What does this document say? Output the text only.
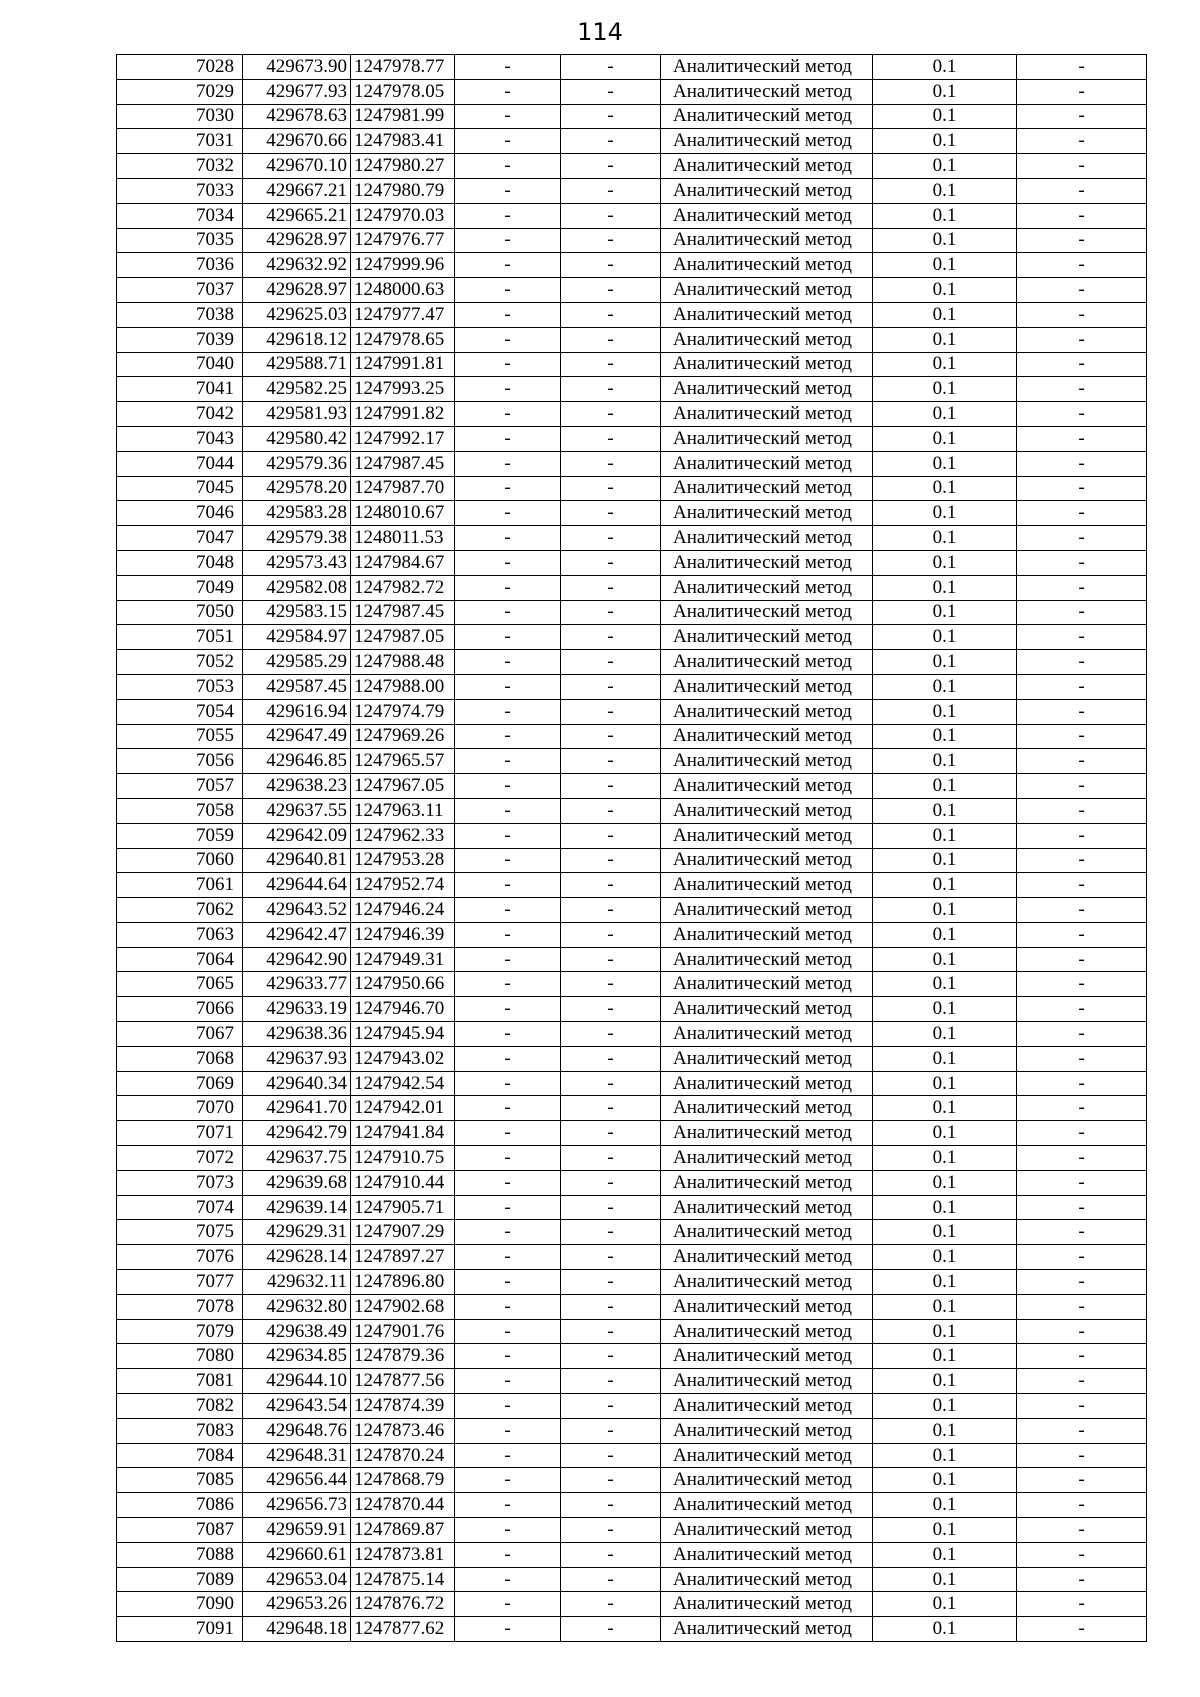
114
7028	429673.90	1247978.77	-	-	Аналитический метод	0.1	-
7029	429677.93	1247978.05	-	-	Аналитический метод	0.1	-
7030	429678.63	1247981.99	-	-	Аналитический метод	0.1	-
7031	429670.66	1247983.41	-	-	Аналитический метод	0.1	-
7032	429670.10	1247980.27	-	-	Аналитический метод	0.1	-
7033	429667.21	1247980.79	-	-	Аналитический метод	0.1	-
7034	429665.21	1247970.03	-	-	Аналитический метод	0.1	-
7035	429628.97	1247976.77	-	-	Аналитический метод	0.1	-
7036	429632.92	1247999.96	-	-	Аналитический метод	0.1	-
7037	429628.97	1248000.63	-	-	Аналитический метод	0.1	-
7038	429625.03	1247977.47	-	-	Аналитический метод	0.1	-
7039	429618.12	1247978.65	-	-	Аналитический метод	0.1	-
7040	429588.71	1247991.81	-	-	Аналитический метод	0.1	-
7041	429582.25	1247993.25	-	-	Аналитический метод	0.1	-
7042	429581.93	1247991.82	-	-	Аналитический метод	0.1	-
7043	429580.42	1247992.17	-	-	Аналитический метод	0.1	-
7044	429579.36	1247987.45	-	-	Аналитический метод	0.1	-
7045	429578.20	1247987.70	-	-	Аналитический метод	0.1	-
7046	429583.28	1248010.67	-	-	Аналитический метод	0.1	-
7047	429579.38	1248011.53	-	-	Аналитический метод	0.1	-
7048	429573.43	1247984.67	-	-	Аналитический метод	0.1	-
7049	429582.08	1247982.72	-	-	Аналитический метод	0.1	-
7050	429583.15	1247987.45	-	-	Аналитический метод	0.1	-
7051	429584.97	1247987.05	-	-	Аналитический метод	0.1	-
7052	429585.29	1247988.48	-	-	Аналитический метод	0.1	-
7053	429587.45	1247988.00	-	-	Аналитический метод	0.1	-
7054	429616.94	1247974.79	-	-	Аналитический метод	0.1	-
7055	429647.49	1247969.26	-	-	Аналитический метод	0.1	-
7056	429646.85	1247965.57	-	-	Аналитический метод	0.1	-
7057	429638.23	1247967.05	-	-	Аналитический метод	0.1	-
7058	429637.55	1247963.11	-	-	Аналитический метод	0.1	-
7059	429642.09	1247962.33	-	-	Аналитический метод	0.1	-
7060	429640.81	1247953.28	-	-	Аналитический метод	0.1	-
7061	429644.64	1247952.74	-	-	Аналитический метод	0.1	-
7062	429643.52	1247946.24	-	-	Аналитический метод	0.1	-
7063	429642.47	1247946.39	-	-	Аналитический метод	0.1	-
7064	429642.90	1247949.31	-	-	Аналитический метод	0.1	-
7065	429633.77	1247950.66	-	-	Аналитический метод	0.1	-
7066	429633.19	1247946.70	-	-	Аналитический метод	0.1	-
7067	429638.36	1247945.94	-	-	Аналитический метод	0.1	-
7068	429637.93	1247943.02	-	-	Аналитический метод	0.1	-
7069	429640.34	1247942.54	-	-	Аналитический метод	0.1	-
7070	429641.70	1247942.01	-	-	Аналитический метод	0.1	-
7071	429642.79	1247941.84	-	-	Аналитический метод	0.1	-
7072	429637.75	1247910.75	-	-	Аналитический метод	0.1	-
7073	429639.68	1247910.44	-	-	Аналитический метод	0.1	-
7074	429639.14	1247905.71	-	-	Аналитический метод	0.1	-
7075	429629.31	1247907.29	-	-	Аналитический метод	0.1	-
7076	429628.14	1247897.27	-	-	Аналитический метод	0.1	-
7077	429632.11	1247896.80	-	-	Аналитический метод	0.1	-
7078	429632.80	1247902.68	-	-	Аналитический метод	0.1	-
7079	429638.49	1247901.76	-	-	Аналитический метод	0.1	-
7080	429634.85	1247879.36	-	-	Аналитический метод	0.1	-
7081	429644.10	1247877.56	-	-	Аналитический метод	0.1	-
7082	429643.54	1247874.39	-	-	Аналитический метод	0.1	-
7083	429648.76	1247873.46	-	-	Аналитический метод	0.1	-
7084	429648.31	1247870.24	-	-	Аналитический метод	0.1	-
7085	429656.44	1247868.79	-	-	Аналитический метод	0.1	-
7086	429656.73	1247870.44	-	-	Аналитический метод	0.1	-
7087	429659.91	1247869.87	-	-	Аналитический метод	0.1	-
7088	429660.61	1247873.81	-	-	Аналитический метод	0.1	-
7089	429653.04	1247875.14	-	-	Аналитический метод	0.1	-
7090	429653.26	1247876.72	-	-	Аналитический метод	0.1	-
7091	429648.18	1247877.62	-	-	Аналитический метод	0.1	-
